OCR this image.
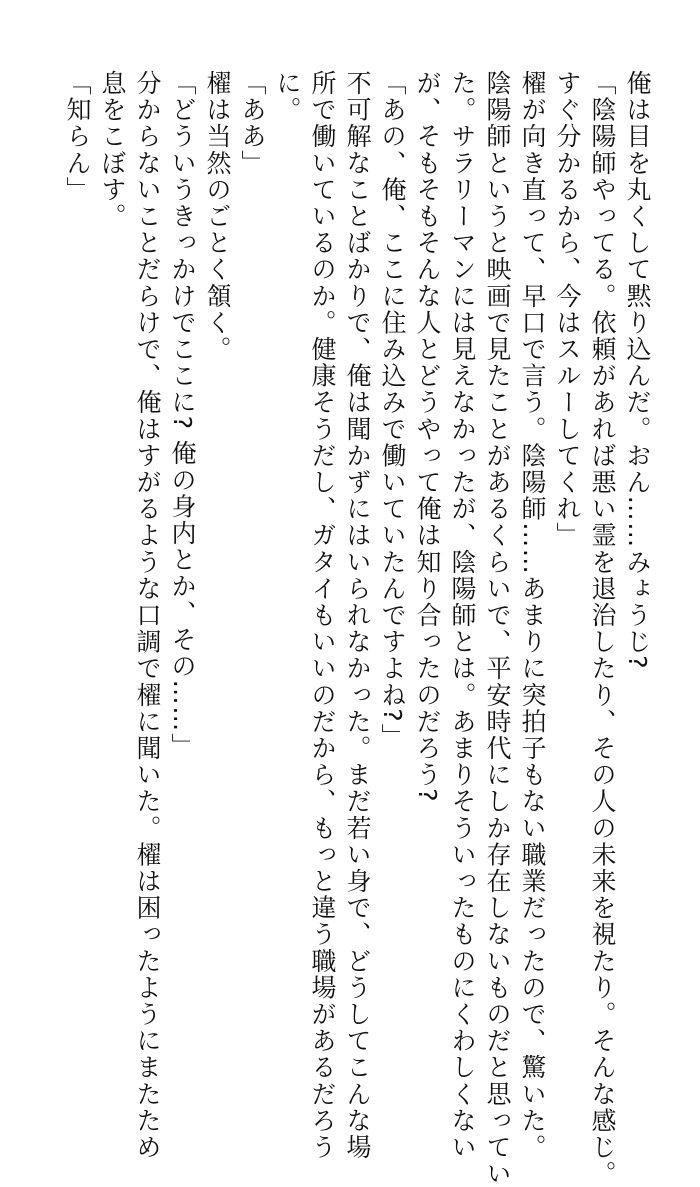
俺は目を丸くして黙り込んだ。おん……みょうじ?
「陰陽師やってる。依頼があれば悪い霊を退治したり、その人の未来を視たり。そんな感じ。
すぐ分かるから、今はスルーしてくれ」
櫂が向き直って、早口で言う。陰陽師……あまりに突拍子もない職業だったので、驚いた。
陰陽師というと映画で見たことがあるくらいで、平安時代にしか存在しないものだと思ってい
た。サラリーマンには見えなかったが、陰陽師とは。あまりそういったものにくわしくない
が、そもそもそんな人とどうやって俺は知り合ったのだろう?
「あの、俺、ここに住み込みで働いていたんですよね?」
不可解なことばかりで、俺は聞かずにはいられなかった。まだ若い身で、どうしてこんな場
所で働いているのか。健康そうだし、ガタイもいいのだから、もっと違う職場があるだろう
に。
「ああ」
櫂は当然のごとく頷く。
「どういうきっかけでここに? 俺の身内とか、その……」
分からないことだらけで、俺はすがるような口調で櫂に聞いた。櫂は困ったようにまたため
息をこぼす。
「知らん」
